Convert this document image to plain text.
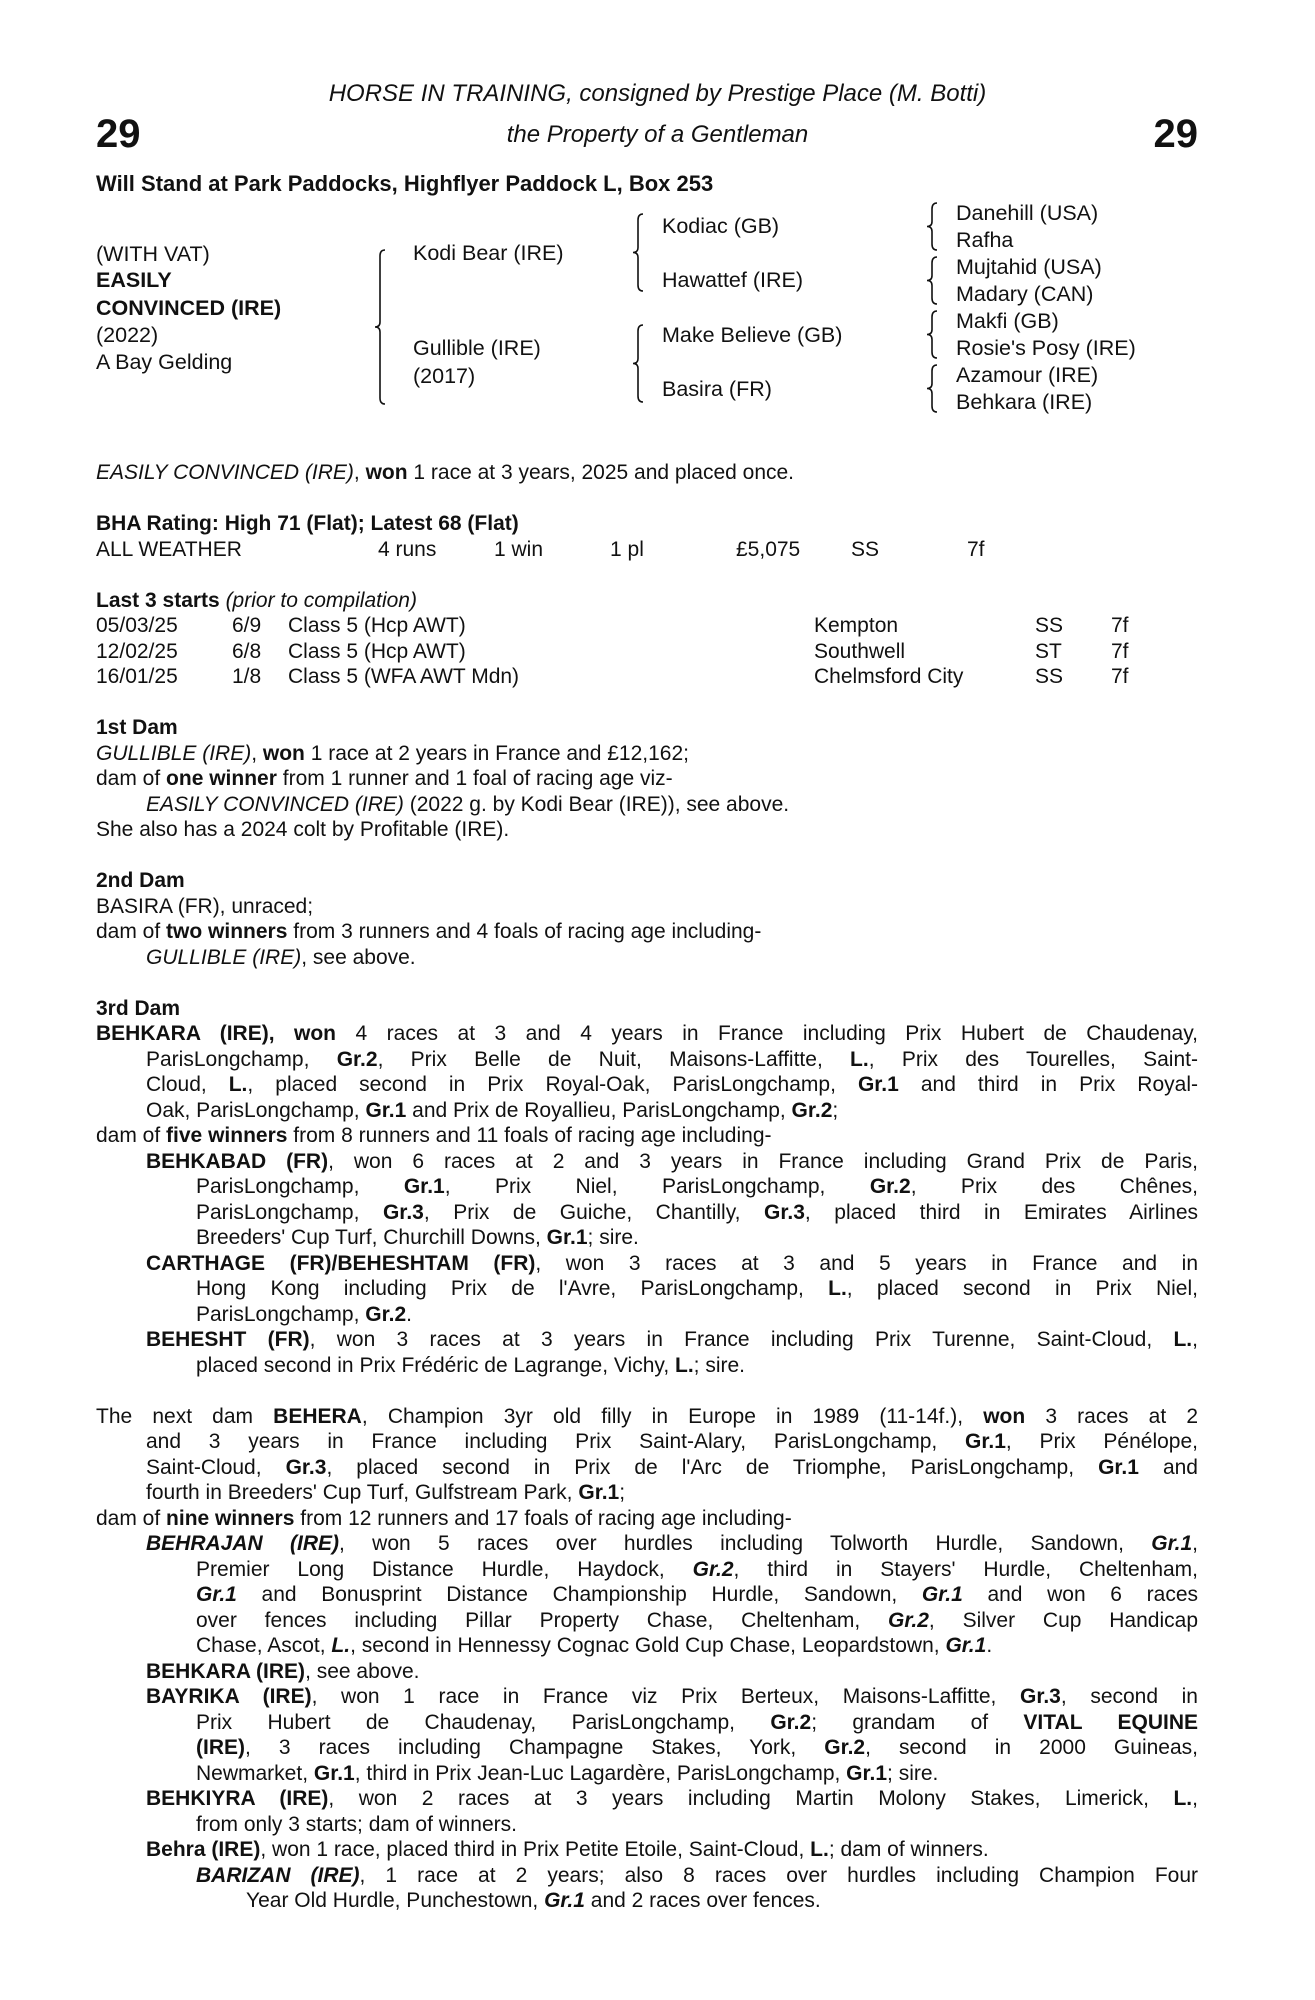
HORSE IN TRAINING, consigned by Prestige Place (M. Botti)
the Property of a Gentleman
29	29
Will Stand at Park Paddocks, Highflyer Paddock L, Box 253
(WITH VAT)
EASILY
CONVINCED (IRE)
(2022)
A Bay Gelding
Kodi Bear (IRE)
Gullible (IRE)
(2017)
Kodiac (GB)
Hawattef (IRE)
Make Believe (GB)
Basira (FR)
Danehill (USA)
Rafha
Mujtahid (USA)
Madary (CAN)
Makfi (GB)
Rosie's Posy (IRE)
Azamour (IRE)
Behkara (IRE)
EASILY CONVINCED (IRE), won 1 race at 3 years, 2025 and placed once.
BHA Rating: High 71 (Flat); Latest 68 (Flat)
ALL WEATHER	4 runs	1 win	1 pl	£5,075 SS	7f
Last 3 starts (prior to compilation)
05/03/25	6/9 Class 5 (Hcp AWT)	Kempton	SS 7f
12/02/25	6/8 Class 5 (Hcp AWT)	Southwell	ST 7f
16/01/25	1/8 Class 5 (WFA AWT Mdn)	Chelmsford City	SS 7f
1st Dam
GULLIBLE (IRE), won 1 race at 2 years in France and £12,162;
dam of one winner from 1 runner and 1 foal of racing age viz-
EASILY CONVINCED (IRE) (2022 g. by Kodi Bear (IRE)), see above.
She also has a 2024 colt by Profitable (IRE).
2nd Dam
BASIRA (FR), unraced;
dam of two winners from 3 runners and 4 foals of racing age including-
GULLIBLE (IRE), see above.
3rd Dam
BEHKARA (IRE), won 4 races at 3 and 4 years in France including Prix Hubert de Chaudenay,
ParisLongchamp, Gr.2, Prix Belle de Nuit, Maisons-Laffitte, L., Prix des Tourelles, Saint-
Cloud, L., placed second in Prix Royal-Oak, ParisLongchamp, Gr.1 and third in Prix Royal-
Oak, ParisLongchamp, Gr.1 and Prix de Royallieu, ParisLongchamp, Gr.2;
dam of five winners from 8 runners and 11 foals of racing age including-
BEHKABAD (FR), won 6 races at 2 and 3 years in France including Grand Prix de Paris,
ParisLongchamp, Gr.1, Prix Niel, ParisLongchamp, Gr.2, Prix des Chênes,
ParisLongchamp, Gr.3, Prix de Guiche, Chantilly, Gr.3, placed third in Emirates Airlines
Breeders' Cup Turf, Churchill Downs, Gr.1; sire.
CARTHAGE (FR)/BEHESHTAM (FR), won 3 races at 3 and 5 years in France and in
Hong Kong including Prix de l'Avre, ParisLongchamp, L., placed second in Prix Niel,
ParisLongchamp, Gr.2.
BEHESHT (FR), won 3 races at 3 years in France including Prix Turenne, Saint-Cloud, L.,
placed second in Prix Frédéric de Lagrange, Vichy, L.; sire.
The next dam BEHERA, Champion 3yr old filly in Europe in 1989 (11-14f.), won 3 races at 2
and 3 years in France including Prix Saint-Alary, ParisLongchamp, Gr.1, Prix Pénélope,
Saint-Cloud, Gr.3, placed second in Prix de l'Arc de Triomphe, ParisLongchamp, Gr.1 and
fourth in Breeders' Cup Turf, Gulfstream Park, Gr.1;
dam of nine winners from 12 runners and 17 foals of racing age including-
BEHRAJAN (IRE), won 5 races over hurdles including Tolworth Hurdle, Sandown, Gr.1,
Premier Long Distance Hurdle, Haydock, Gr.2, third in Stayers' Hurdle, Cheltenham,
Gr.1 and Bonusprint Distance Championship Hurdle, Sandown, Gr.1 and won 6 races
over fences including Pillar Property Chase, Cheltenham, Gr.2, Silver Cup Handicap
Chase, Ascot, L., second in Hennessy Cognac Gold Cup Chase, Leopardstown, Gr.1.
BEHKARA (IRE), see above.
BAYRIKA (IRE), won 1 race in France viz Prix Berteux, Maisons-Laffitte, Gr.3, second in
Prix Hubert de Chaudenay, ParisLongchamp, Gr.2; grandam of VITAL EQUINE
(IRE), 3 races including Champagne Stakes, York, Gr.2, second in 2000 Guineas,
Newmarket, Gr.1, third in Prix Jean-Luc Lagardère, ParisLongchamp, Gr.1; sire.
BEHKIYRA (IRE), won 2 races at 3 years including Martin Molony Stakes, Limerick, L.,
from only 3 starts; dam of winners.
Behra (IRE), won 1 race, placed third in Prix Petite Etoile, Saint-Cloud, L.; dam of winners.
BARIZAN (IRE), 1 race at 2 years; also 8 races over hurdles including Champion Four
Year Old Hurdle, Punchestown, Gr.1 and 2 races over fences.
